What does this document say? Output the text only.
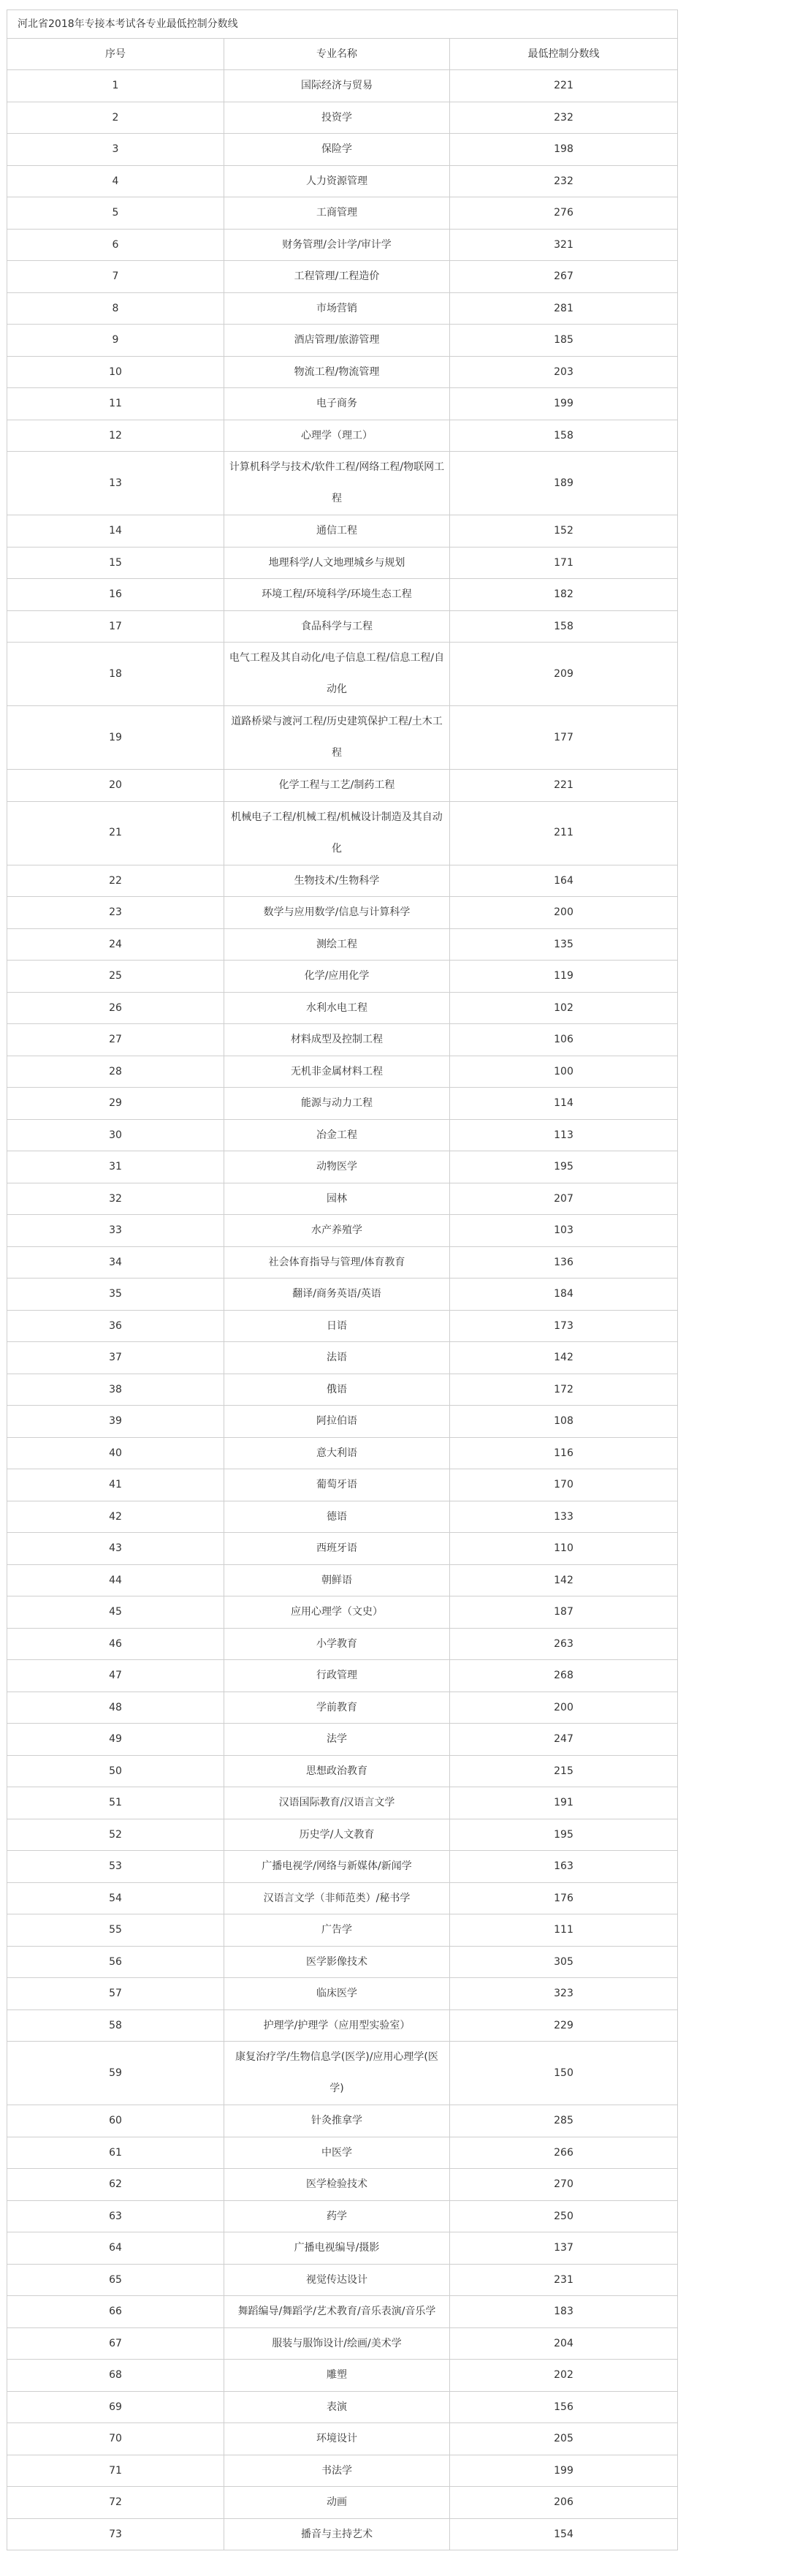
河北省2018年专接本考试各专业最低控制分数线		
序号	专业名称	最低控制分数线
1	国际经济与贸易	221
2	投资学	232
3	保险学	198
4	人力资源管理	232
5	工商管理	276
6	财务管理/会计学/审计学	321
7	工程管理/工程造价	267
8	市场营销	281
9	酒店管理/旅游管理	185
10	物流工程/物流管理	203
11	电子商务	199
12	心理学（理工）	158
13	计算机科学与技术/软件工程/网络工程/物联网工程	189
14	通信工程	152
15	地理科学/人文地理城乡与规划	171
16	环境工程/环境科学/环境生态工程	182
17	食品科学与工程	158
18	电气工程及其自动化/电子信息工程/信息工程/自动化	209
19	道路桥梁与渡河工程/历史建筑保护工程/土木工程	177
20	化学工程与工艺/制药工程	221
21	机械电子工程/机械工程/机械设计制造及其自动化	211
22	生物技术/生物科学	164
23	数学与应用数学/信息与计算科学	200
24	测绘工程	135
25	化学/应用化学	119
26	水利水电工程	102
27	材料成型及控制工程	106
28	无机非金属材料工程	100
29	能源与动力工程	114
30	冶金工程	113
31	动物医学	195
32	园林	207
33	水产养殖学	103
34	社会体育指导与管理/体育教育	136
35	翻译/商务英语/英语	184
36	日语	173
37	法语	142
38	俄语	172
39	阿拉伯语	108
40	意大利语	116
41	葡萄牙语	170
42	德语	133
43	西班牙语	110
44	朝鲜语	142
45	应用心理学（文史）	187
46	小学教育	263
47	行政管理	268
48	学前教育	200
49	法学	247
50	思想政治教育	215
51	汉语国际教育/汉语言文学	191
52	历史学/人文教育	195
53	广播电视学/网络与新媒体/新闻学	163
54	汉语言文学（非师范类）/秘书学	176
55	广告学	111
56	医学影像技术	305
57	临床医学	323
58	护理学/护理学（应用型实验室）	229
59	康复治疗学/生物信息学(医学)/应用心理学(医学)	150
60	针灸推拿学	285
61	中医学	266
62	医学检验技术	270
63	药学	250
64	广播电视编导/摄影	137
65	视觉传达设计	231
66	舞蹈编导/舞蹈学/艺术教育/音乐表演/音乐学	183
67	服装与服饰设计/绘画/美术学	204
68	雕塑	202
69	表演	156
70	环境设计	205
71	书法学	199
72	动画	206
73	播音与主持艺术	154
